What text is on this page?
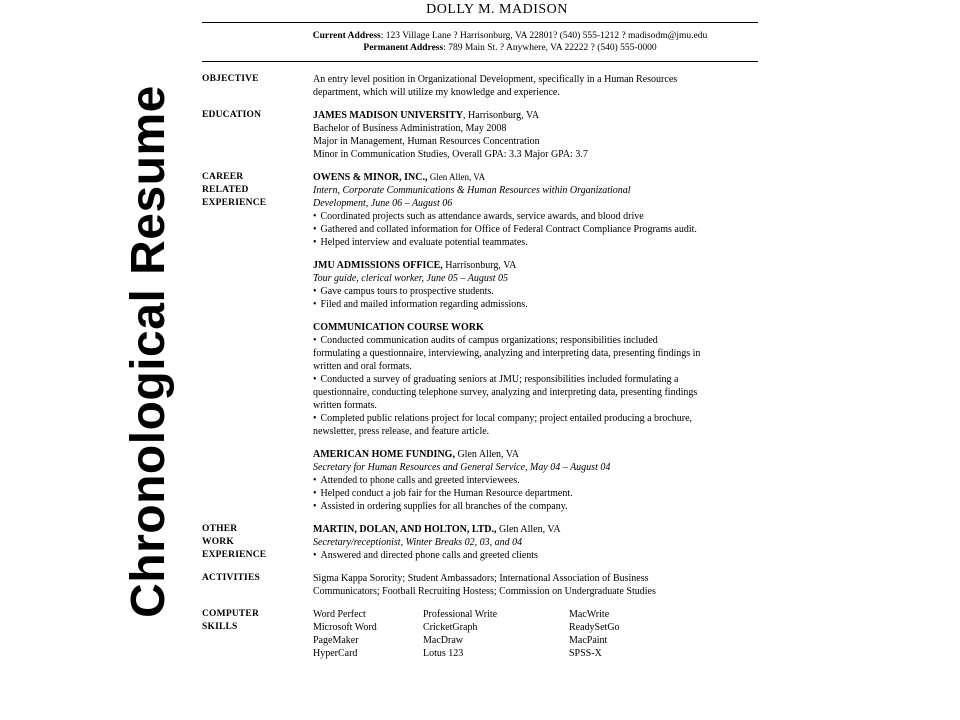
Chronological Resume
DOLLY M. MADISON
Current Address: 123 Village Lane ? Harrisonburg, VA 22801? (540) 555-1212 ? madisodm@jmu.edu
Permanent Address: 789 Main St. ? Anywhere, VA 22222 ? (540) 555-0000
OBJECTIVE	An entry level position in Organizational Development, specifically in a Human Resources
department, which will utilize my knowledge and experience.
EDUCATION	JAMES MADISON UNIVERSITY, Harrisonburg, VA
Bachelor of Business Administration, May 2008
Major in Management, Human Resources Concentration
Minor in Communication Studies, Overall GPA: 3.3 Major GPA: 3.7
CAREER
RELATED
EXPERIENCE
OWENS & MINOR, INC., Glen Allen, VA
Intern, Corporate Communications & Human Resources within Organizational
Development, June 06 – August 06
• Coordinated projects such as attendance awards, service awards, and blood drive
• Gathered and collated information for Office of Federal Contract Compliance Programs audit.
• Helped interview and evaluate potential teammates.
JMU ADMISSIONS OFFICE, Harrisonburg, VA
Tour guide, clerical worker, June 05 – August 05
• Gave campus tours to prospective students.
• Filed and mailed information regarding admissions.
COMMUNICATION COURSE WORK
• Conducted communication audits of campus organizations; responsibilities included
formulating a questionnaire, interviewing, analyzing and interpreting data, presenting findings in
written and oral formats.
• Conducted a survey of graduating seniors at JMU; responsibilities included formulating a
questionnaire, conducting telephone survey, analyzing and interpreting data, presenting findings
written formats.
• Completed public relations project for local company; project entailed producing a brochure,
newsletter, press release, and feature article.
AMERICAN HOME FUNDING, Glen Allen, VA
Secretary for Human Resources and General Service, May 04 – August 04
• Attended to phone calls and greeted interviewees.
• Helped conduct a job fair for the Human Resource department.
• Assisted in ordering supplies for all branches of the company.
OTHER
WORK
EXPERIENCE
MARTIN, DOLAN, AND HOLTON, LTD., Glen Allen, VA
Secretary/receptionist, Winter Breaks 02, 03, and 04
• Answered and directed phone calls and greeted clients
ACTIVITIES	Sigma Kappa Sorority; Student Ambassadors; International Association of Business
Communicators; Football Recruiting Hostess; Commission on Undergraduate Studies
COMPUTER
SKILLS
Word Perfect	Professional Write	MacWrite
Microsoft Word	CricketGraph	ReadySetGo
PageMaker	MacDraw	MacPaint
HyperCard	Lotus 123	SPSS-X
